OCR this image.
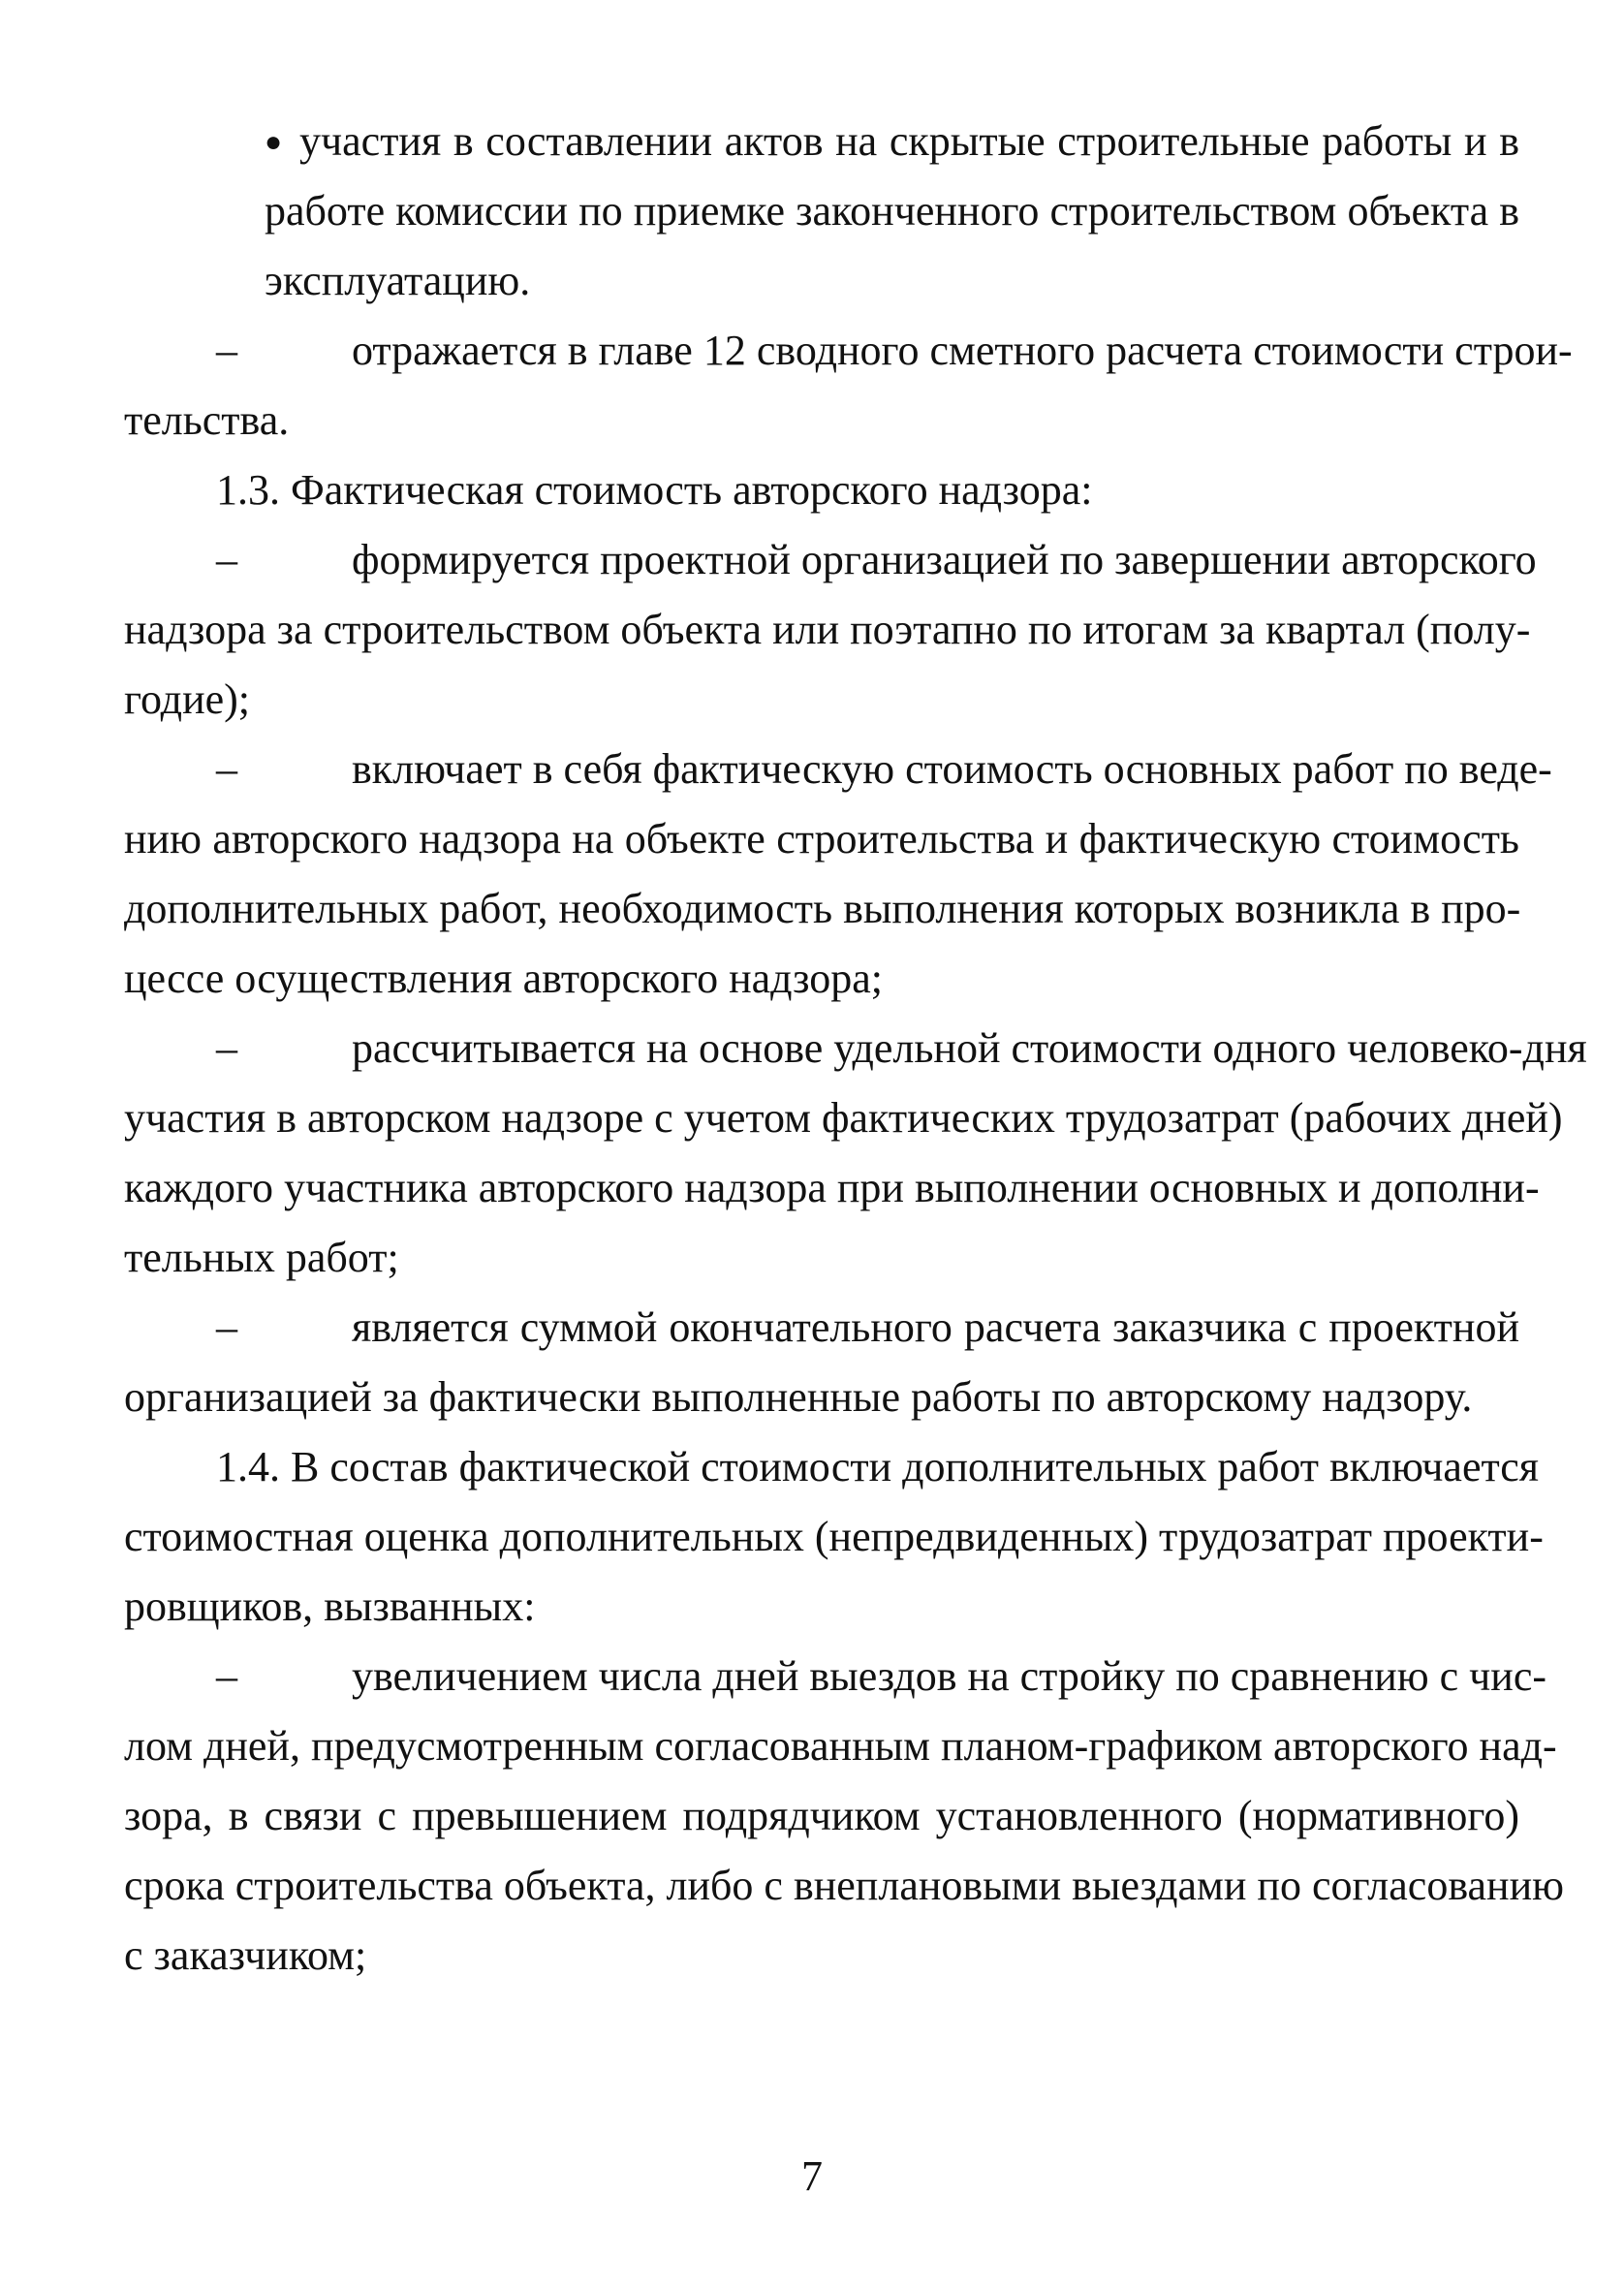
● участия в составлении актов на скрытые строительные работы и в
работе комиссии по приемке законченного строительством объекта в
эксплуатацию.
–	отражается в главе 12 сводного сметного расчета стоимости строи-
тельства.
1.3. Фактическая стоимость авторского надзора:
–	формируется проектной организацией по завершении авторского
надзора за строительством объекта или поэтапно по итогам за квартал (полу-
годие);
–	включает в себя фактическую стоимость основных работ по веде-
нию авторского надзора на объекте строительства и фактическую стоимость
дополнительных работ, необходимость выполнения которых возникла в про-
цессе осуществления авторского надзора;
–	рассчитывается на основе удельной стоимости одного человеко-дня
участия в авторском надзоре с учетом фактических трудозатрат (рабочих дней)
каждого участника авторского надзора при выполнении основных и дополни-
тельных работ;
–	является суммой окончательного расчета заказчика с проектной
организацией за фактически выполненные работы по авторскому надзору.
1.4. В состав фактической стоимости дополнительных работ включается
стоимостная оценка дополнительных (непредвиденных) трудозатрат проекти-
ровщиков, вызванных:
–	увеличением числа дней выездов на стройку по сравнению с чис-
лом дней, предусмотренным согласованным планом-графиком авторского над-
зора, в связи с превышением подрядчиком установленного (нормативного)
срока строительства объекта, либо с внеплановыми выездами по согласованию
с заказчиком;
7
